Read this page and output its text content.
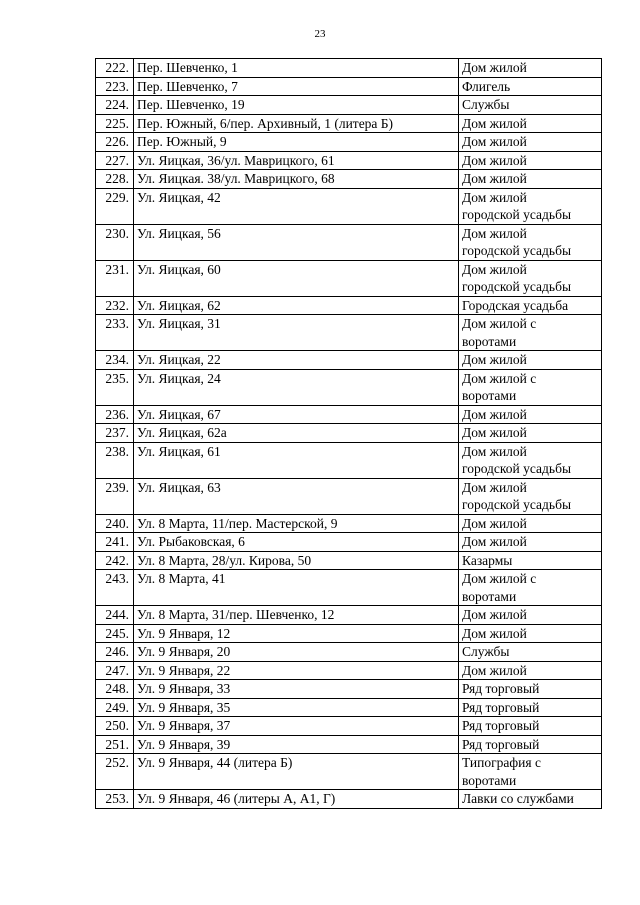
23
222.	Пер. Шевченко, 1	Дом жилой
223.	Пер. Шевченко, 7	Флигель
224.	Пер. Шевченко, 19	Службы
225.	Пер. Южный, 6/пер. Архивный, 1 (литера Б)	Дом жилой
226.	Пер. Южный, 9	Дом жилой
227.	Ул. Яицкая, 36/ул. Маврицкого, 61	Дом жилой
228.	Ул. Яицкая. 38/ул. Маврицкого, 68	Дом жилой
229.	Ул. Яицкая, 42	Дом жилой
городской усадьбы
230.	Ул. Яицкая, 56	Дом жилой
городской усадьбы
231.	Ул. Яицкая, 60	Дом жилой
городской усадьбы
232.	Ул. Яицкая, 62	Городская усадьба
233.	Ул. Яицкая, 31	Дом жилой с
воротами
234.	Ул. Яицкая, 22	Дом жилой

235.	Ул. Яицкая, 24	Дом жилой с
воротами
236.	Ул. Яицкая, 67	Дом жилой
237.	Ул. Яицкая, 62а	Дом жилой
238.	Ул. Яицкая, 61	Дом жилой
городской усадьбы
239.	Ул. Яицкая, 63	Дом жилой
городской усадьбы
240.	Ул. 8 Марта, 11/пер. Мастерской, 9	Дом жилой
241.	Ул. Рыбаковская, 6	Дом жилой
242.	Ул. 8 Марта, 28/ул. Кирова, 50	Казармы
243.	Ул. 8 Марта, 41	Дом жилой с
воротами
244.	Ул. 8 Марта, 31/пер. Шевченко, 12	Дом жилой
245.	Ул. 9 Января, 12	Дом жилой
246.	Ул. 9 Января, 20	Службы
247.	Ул. 9 Января, 22	Дом жилой
248.	Ул. 9 Января, 33	Ряд торговый
249.	Ул. 9 Января, 35	Ряд торговый
250.	Ул. 9 Января, 37	Ряд торговый
251.	Ул. 9 Января, 39	Ряд торговый
252.	Ул. 9 Января, 44 (литера Б)	Типография с
воротами
253.	Ул. 9 Января, 46 (литеры А, А1, Г)	Лавки со службами
